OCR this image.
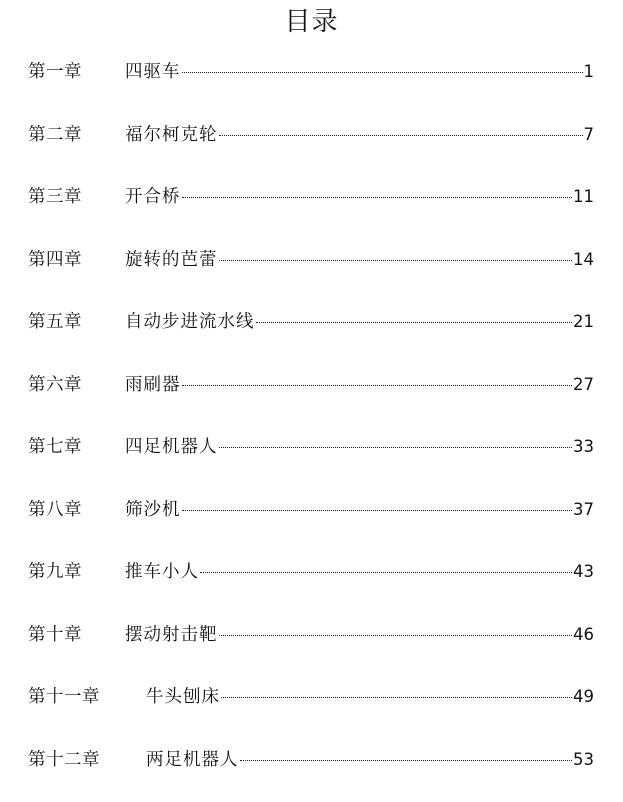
目录
第一章	四驱车	1
第二章	福尔柯克轮	7
第三章	开合桥	11
第四章	旋转的芭蕾	14
第五章	自动步进流水线	21
第六章	雨刷器	27
第七章	四足机器人	33
第八章	筛沙机	37
第九章	推车小人	43
第十章	摆动射击靶	46
第十一章	牛头刨床	49
第十二章	两足机器人	53
